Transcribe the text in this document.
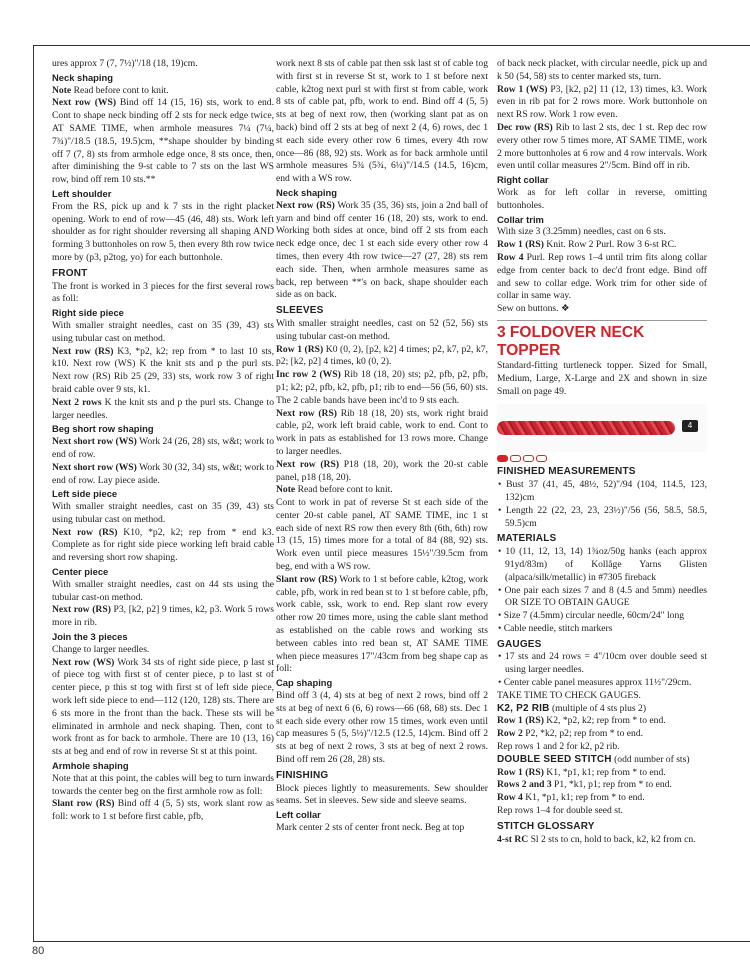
80

ures approx 7 (7, 7½)"/18 (18, 19)cm.

Neck shaping

Note Read before cont to knit.

Next row (WS) Bind off 14 (15, 16) sts, work to end. Cont to shape neck binding off 2 sts for neck edge twice, AT SAME TIME, when armhole measures 7¼ (7¼, 7¾)"/18.5 (18.5, 19.5)cm, **shape shoulder by binding off 7 (7, 8) sts from armhole edge once, 8 sts once, then, after diminishing the 9-st cable to 7 sts on the last WS row, bind off rem 10 sts.**

Left shoulder

From the RS, pick up and k 7 sts in the right placket opening. Work to end of row—45 (46, 48) sts. Work left shoulder as for right shoulder reversing all shaping AND forming 3 buttonholes on row 5, then every 8th row twice more by (p3, p2tog, yo) for each buttonhole.

FRONT

The front is worked in 3 pieces for the first several rows as foll:

Right side piece

With smaller straight needles, cast on 35 (39, 43) sts using tubular cast on method.

Next row (RS) K3, *p2, k2; rep from * to last 10 sts, k10. Next row (WS) K the knit sts and p the purl sts. Next row (RS) Rib 25 (29, 33) sts, work row 3 of right braid cable over 9 sts, k1.

Next 2 rows K the knit sts and p the purl sts. Change to larger needles.

Beg short row shaping

Next short row (WS) Work 24 (26, 28) sts, w&t; work to end of row.

Next short row (WS) Work 30 (32, 34) sts, w&t; work to end of row. Lay piece aside.

Left side piece

With smaller straight needles, cast on 35 (39, 43) sts using tubular cast on method.

Next row (RS) K10, *p2, k2; rep from * end k3. Complete as for right side piece working left braid cable and reversing short row shaping.

Center piece

With smaller straight needles, cast on 44 sts using the tubular cast-on method.

Next row (RS) P3, [k2, p2] 9 times, k2, p3. Work 5 rows more in rib.

Join the 3 pieces

Change to larger needles.

Next row (WS) Work 34 sts of right side piece, p last st of piece tog with first st of center piece, p to last st of center piece, p this st tog with first st of left side piece, work left side piece to end—112 (120, 128) sts. There are 6 sts more in the front than the back. These sts will be eliminated in armhole and neck shaping. Then, cont to work front as for back to armhole. There are 10 (13, 16) sts at beg and end of row in reverse St st at this point.

Armhole shaping

Note that at this point, the cables will beg to turn inwards towards the center beg on the first armhole row as foll:

Slant row (RS) Bind off 4 (5, 5) sts, work slant row as foll: work to 1 st before first cable, pfb,

work next 8 sts of cable pat then ssk last st of cable tog with first st in reverse St st, work to 1 st before next cable, k2tog next purl st with first st from cable, work 8 sts of cable pat, pfb, work to end. Bind off 4 (5, 5) sts at beg of next row, then (working slant pat as on back) bind off 2 sts at beg of next 2 (4, 6) rows, dec 1 st each side every other row 6 times, every 4th row once—86 (88, 92) sts. Work as for back armhole until armhole measures 5¾ (5¾, 6¼)"/14.5 (14.5, 16)cm, end with a WS row.

Neck shaping

Next row (RS) Work 35 (35, 36) sts, join a 2nd ball of yarn and bind off center 16 (18, 20) sts, work to end. Working both sides at once, bind off 2 sts from each neck edge once, dec 1 st each side every other row 4 times, then every 4th row twice—27 (27, 28) sts rem each side. Then, when armhole measures same as back, rep between **'s on back, shape shoulder each side as on back.

SLEEVES

With smaller straight needles, cast on 52 (52, 56) sts using tubular cast-on method.

Row 1 (RS) K0 (0, 2), [p2, k2] 4 times; p2, k7, p2, k7, p2; [k2, p2] 4 times, k0 (0, 2).

Inc row 2 (WS) Rib 18 (18, 20) sts; p2, pfb, p2, pfb, p1; k2; p2, pfb, k2, pfb, p1; rib to end—56 (56, 60) sts. The 2 cable bands have been inc'd to 9 sts each.

Next row (RS) Rib 18 (18, 20) sts, work right braid cable, p2, work left braid cable, work to end. Cont to work in pats as established for 13 rows more. Change to larger needles.

Next row (RS) P18 (18, 20), work the 20-st cable panel, p18 (18, 20).

Note Read before cont to knit.

Cont to work in pat of reverse St st each side of the center 20-st cable panel, AT SAME TIME, inc 1 st each side of next RS row then every 8th (6th, 6th) row 13 (15, 15) times more for a total of 84 (88, 92) sts. Work even until piece measures 15½"/39.5cm from beg, end with a WS row.

Slant row (RS) Work to 1 st before cable, k2tog, work cable, pfb, work in red bean st to 1 st before cable, pfb, work cable, ssk, work to end. Rep slant row every other row 20 times more, using the cable slant method as established on the cable rows and working sts between cables into red bean st, AT SAME TIME when piece measures 17"/43cm from beg shape cap as foll:

Cap shaping

Bind off 3 (4, 4) sts at beg of next 2 rows, bind off 2 sts at beg of next 6 (6, 6) rows—66 (68, 68) sts. Dec 1 st each side every other row 15 times, work even until cap measures 5 (5, 5½)"/12.5 (12.5, 14)cm. Bind off 2 sts at beg of next 2 rows, 3 sts at beg of next 2 rows. Bind off rem 26 (28, 28) sts.

FINISHING

Block pieces lightly to measurements. Sew shoulder seams. Set in sleeves. Sew side and sleeve seams.

Left collar

Mark center 2 sts of center front neck. Beg at top

of back neck placket, with circular needle, pick up and k 50 (54, 58) sts to center marked sts, turn.

Row 1 (WS) P3, [k2, p2] 11 (12, 13) times, k3. Work even in rib pat for 2 rows more. Work buttonhole on next RS row. Work 1 row even.

Dec row (RS) Rib to last 2 sts, dec 1 st. Rep dec row every other row 5 times more, AT SAME TIME, work 2 more buttonholes at 6 row and 4 row intervals. Work even until collar measures 2"/5cm. Bind off in rib.

Right collar

Work as for left collar in reverse, omitting buttonholes.

Collar trim

With size 3 (3.25mm) needles, cast on 6 sts.

Row 1 (RS) Knit. Row 2 Purl. Row 3 6-st RC.

Row 4 Purl. Rep rows 1–4 until trim fits along collar edge from center back to dec'd front edge. Bind off and sew to collar edge. Work trim for other side of collar in same way.

Sew on buttons. ❖

3 FOLDOVER NECK TOPPER

Standard-fitting turtleneck topper. Sized for Small, Medium, Large, X-Large and 2X and shown in size Small on page 49.

4
FINISHED MEASUREMENTS
• Bust 37 (41, 45, 48½, 52)"/94 (104, 114.5, 123, 132)cm
• Length 22 (22, 23, 23, 23½)"/56 (56, 58.5, 58.5, 59.5)cm
MATERIALS
• 10 (11, 12, 13, 14) 1¾oz/50g hanks (each approx 91yd/83m) of Kollåge Yarns Glisten (alpaca/silk/metallic) in #7305 fireback
• One pair each sizes 7 and 8 (4.5 and 5mm) needles OR SIZE TO OBTAIN GAUGE
• Size 7 (4.5mm) circular needle, 60cm/24" long
• Cable needle, stitch markers
GAUGES
• 17 sts and 24 rows = 4"/10cm over double seed st using larger needles.
• Center cable panel measures approx 11½"/29cm.

TAKE TIME TO CHECK GAUGES.

K2, P2 RIB (multiple of 4 sts plus 2)

Row 1 (RS) K2, *p2, k2; rep from * to end.

Row 2 P2, *k2, p2; rep from * to end.

Rep rows 1 and 2 for k2, p2 rib.

DOUBLE SEED STITCH (odd number of sts)

Row 1 (RS) K1, *p1, k1; rep from * to end.

Rows 2 and 3 P1, *k1, p1; rep from * to end.

Row 4 K1, *p1, k1; rep from * to end.

Rep rows 1–4 for double seed st.

STITCH GLOSSARY

4-st RC Sl 2 sts to cn, hold to back, k2, k2 from cn.
